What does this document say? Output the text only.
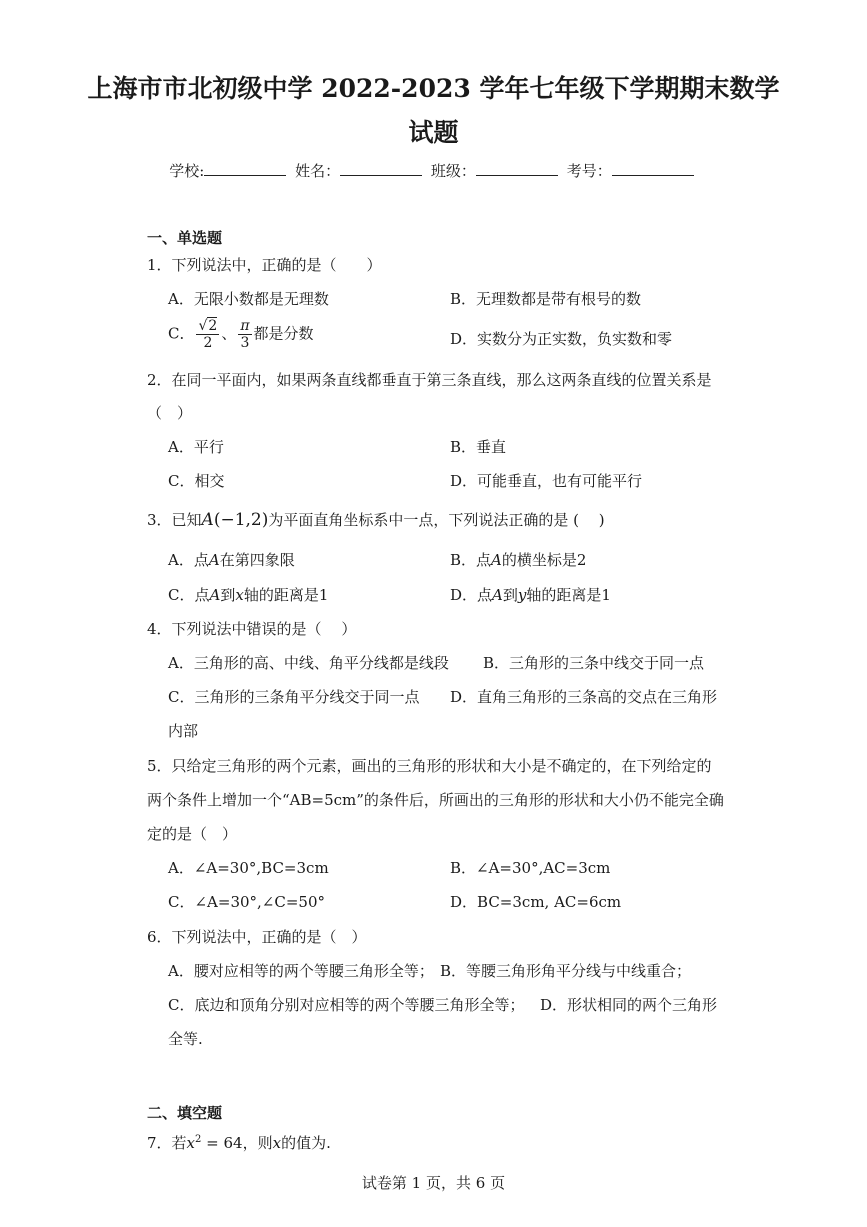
上海市市北初级中学 2022-2023 学年七年级下学期期末数学
试题
学校:	姓名：	班级：	考号：
一、单选题
1．下列说法中，正确的是（　　）
A．无限小数都是无理数	B．无理数都是带有根号的数
C． $\frac{√2}{2}$ 、 $\frac{\pi}{3}$ 都是分数	D．实数分为正实数，负实数和零
2．在同一平面内，如果两条直线都垂直于第三条直线，那么这两条直线的位置关系是
（　）
A．平行	B．垂直
C．相交	D．可能垂直，也有可能平行
3．已知A(−1,2)为平面直角坐标系中一点，下列说法正确的是 (　 )
A．点A在第四象限	B．点A的横坐标是2
C．点A到x轴的距离是1	D．点A到y轴的距离是1
4．下列说法中错误的是（　 ）
A．三角形的高、中线、角平分线都是线段 B．三角形的三条中线交于同一点
C．三角形的三条角平分线交于同一点 D．直角三角形的三条高的交点在三角形
内部
5．只给定三角形的两个元素，画出的三角形的形状和大小是不确定的，在下列给定的
两个条件上增加一个“AB=5cm”的条件后，所画出的三角形的形状和大小仍不能完全确
定的是（　）
A．∠A=30°,BC=3cm	B．∠A=30°,AC=3cm
C．∠A=30°,∠C=50°	D．BC=3cm, AC=6cm
6．下列说法中，正确的是（　）
A．腰对应相等的两个等腰三角形全等； B．等腰三角形角平分线与中线重合；
C．底边和顶角分别对应相等的两个等腰三角形全等； D．形状相同的两个三角形
全等.
二、填空题
7．若$x^2 = 64$，则x的值为.
试卷第 1 页，共 6 页
